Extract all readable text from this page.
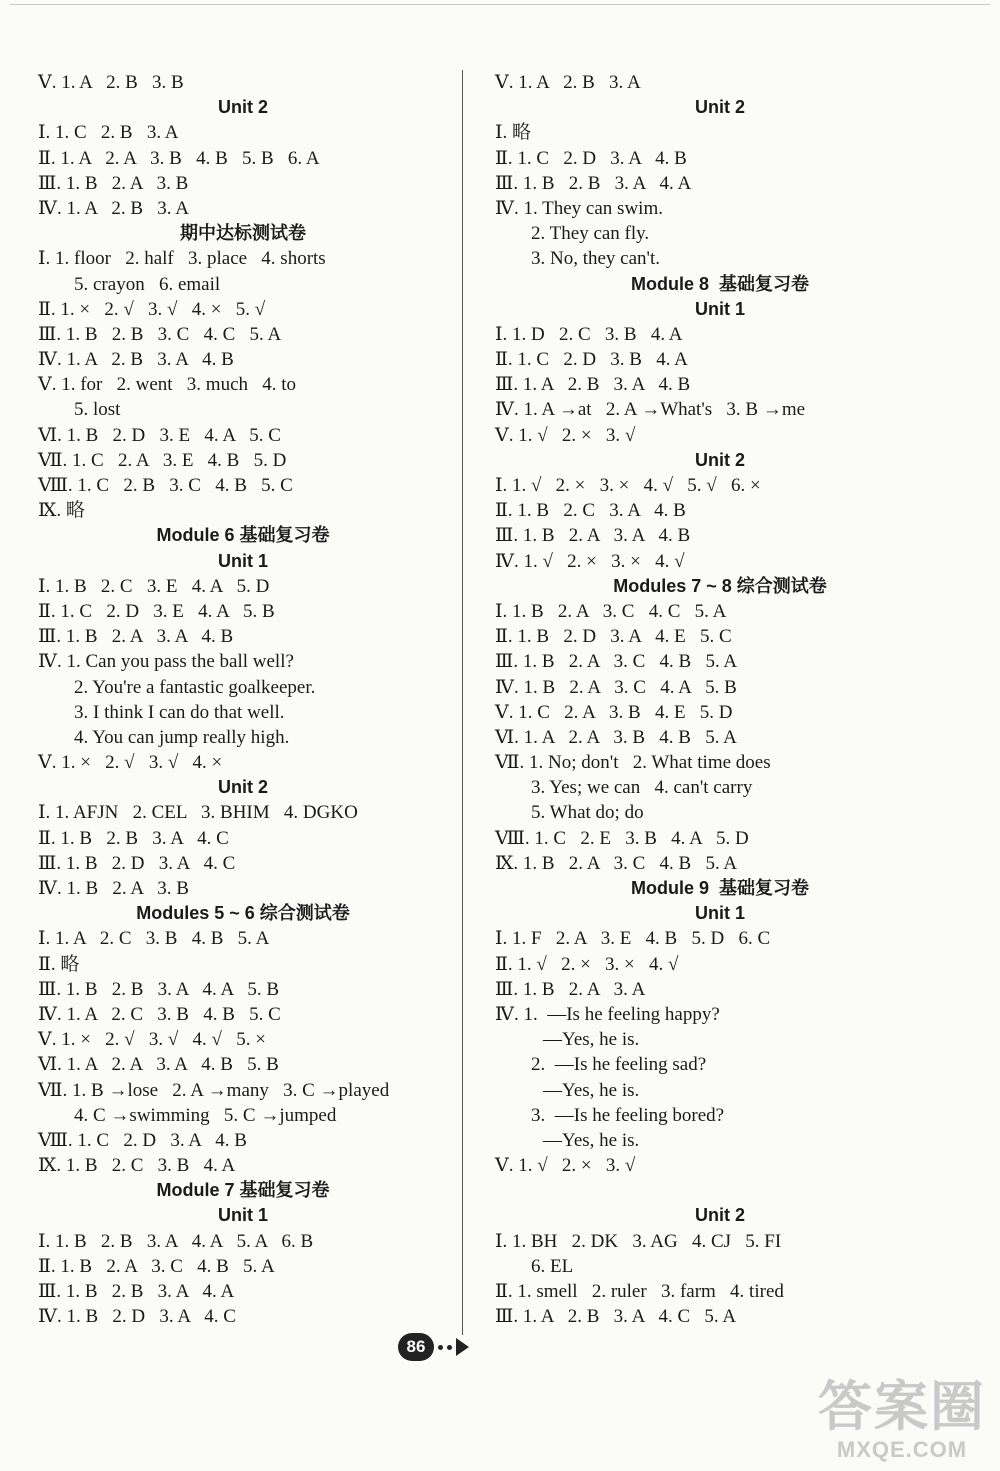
Ⅴ. 1. A   2. B   3. B
Unit 2
Ⅰ. 1. C   2. B   3. A
Ⅱ. 1. A   2. A   3. B   4. B   5. B   6. A
Ⅲ. 1. B   2. A   3. B
Ⅳ. 1. A   2. B   3. A
期中达标测试卷
Ⅰ. 1. floor   2. half   3. place   4. shorts
5. crayon   6. email
Ⅱ. 1. ×   2. √   3. √   4. ×   5. √
Ⅲ. 1. B   2. B   3. C   4. C   5. A
Ⅳ. 1. A   2. B   3. A   4. B
Ⅴ. 1. for   2. went   3. much   4. to
5. lost
Ⅵ. 1. B   2. D   3. E   4. A   5. C
Ⅶ. 1. C   2. A   3. E   4. B   5. D
Ⅷ. 1. C   2. B   3. C   4. B   5. C
Ⅸ. 略
Module 6 基础复习卷
Unit 1
Ⅰ. 1. B   2. C   3. E   4. A   5. D
Ⅱ. 1. C   2. D   3. E   4. A   5. B
Ⅲ. 1. B   2. A   3. A   4. B
Ⅳ. 1. Can you pass the ball well?
2. You're a fantastic goalkeeper.
3. I think I can do that well.
4. You can jump really high.
Ⅴ. 1. ×   2. √   3. √   4. ×
Unit 2
Ⅰ. 1. AFJN   2. CEL   3. BHIM   4. DGKO
Ⅱ. 1. B   2. B   3. A   4. C
Ⅲ. 1. B   2. D   3. A   4. C
Ⅳ. 1. B   2. A   3. B
Modules 5 ~ 6 综合测试卷
Ⅰ. 1. A   2. C   3. B   4. B   5. A
Ⅱ. 略
Ⅲ. 1. B   2. B   3. A   4. A   5. B
Ⅳ. 1. A   2. C   3. B   4. B   5. C
Ⅴ. 1. ×   2. √   3. √   4. √   5. ×
Ⅵ. 1. A   2. A   3. A   4. B   5. B
Ⅶ. 1. B →lose   2. A →many   3. C →played
4. C →swimming   5. C →jumped
Ⅷ. 1. C   2. D   3. A   4. B
Ⅸ. 1. B   2. C   3. B   4. A
Module 7 基础复习卷
Unit 1
Ⅰ. 1. B   2. B   3. A   4. A   5. A   6. B
Ⅱ. 1. B   2. A   3. C   4. B   5. A
Ⅲ. 1. B   2. B   3. A   4. A
Ⅳ. 1. B   2. D   3. A   4. C
Ⅴ. 1. A   2. B   3. A
Unit 2
Ⅰ. 略
Ⅱ. 1. C   2. D   3. A   4. B
Ⅲ. 1. B   2. B   3. A   4. A
Ⅳ. 1. They can swim.
2. They can fly.
3. No, they can't.
Module 8  基础复习卷
Unit 1
Ⅰ. 1. D   2. C   3. B   4. A
Ⅱ. 1. C   2. D   3. B   4. A
Ⅲ. 1. A   2. B   3. A   4. B
Ⅳ. 1. A →at   2. A →What's   3. B →me
Ⅴ. 1. √   2. ×   3. √
Unit 2
Ⅰ. 1. √   2. ×   3. ×   4. √   5. √   6. ×
Ⅱ. 1. B   2. C   3. A   4. B
Ⅲ. 1. B   2. A   3. A   4. B
Ⅳ. 1. √   2. ×   3. ×   4. √
Modules 7 ~ 8 综合测试卷
Ⅰ. 1. B   2. A   3. C   4. C   5. A
Ⅱ. 1. B   2. D   3. A   4. E   5. C
Ⅲ. 1. B   2. A   3. C   4. B   5. A
Ⅳ. 1. B   2. A   3. C   4. A   5. B
Ⅴ. 1. C   2. A   3. B   4. E   5. D
Ⅵ. 1. A   2. A   3. B   4. B   5. A
Ⅶ. 1. No; don't   2. What time does
3. Yes; we can   4. can't carry
5. What do; do
Ⅷ. 1. C   2. E   3. B   4. A   5. D
Ⅸ. 1. B   2. A   3. C   4. B   5. A
Module 9  基础复习卷
Unit 1
Ⅰ. 1. F   2. A   3. E   4. B   5. D   6. C
Ⅱ. 1. √   2. ×   3. ×   4. √
Ⅲ. 1. B   2. A   3. A
Ⅳ. 1.  —Is he feeling happy?
—Yes, he is.
2.  —Is he feeling sad?
—Yes, he is.
3.  —Is he feeling bored?
—Yes, he is.
Ⅴ. 1. √   2. ×   3. √
Unit 2
Ⅰ. 1. BH   2. DK   3. AG   4. CJ   5. FI
6. EL
Ⅱ. 1. smell   2. ruler   3. farm   4. tired
Ⅲ. 1. A   2. B   3. A   4. C   5. A
86
答案圈
MXQE.COM
